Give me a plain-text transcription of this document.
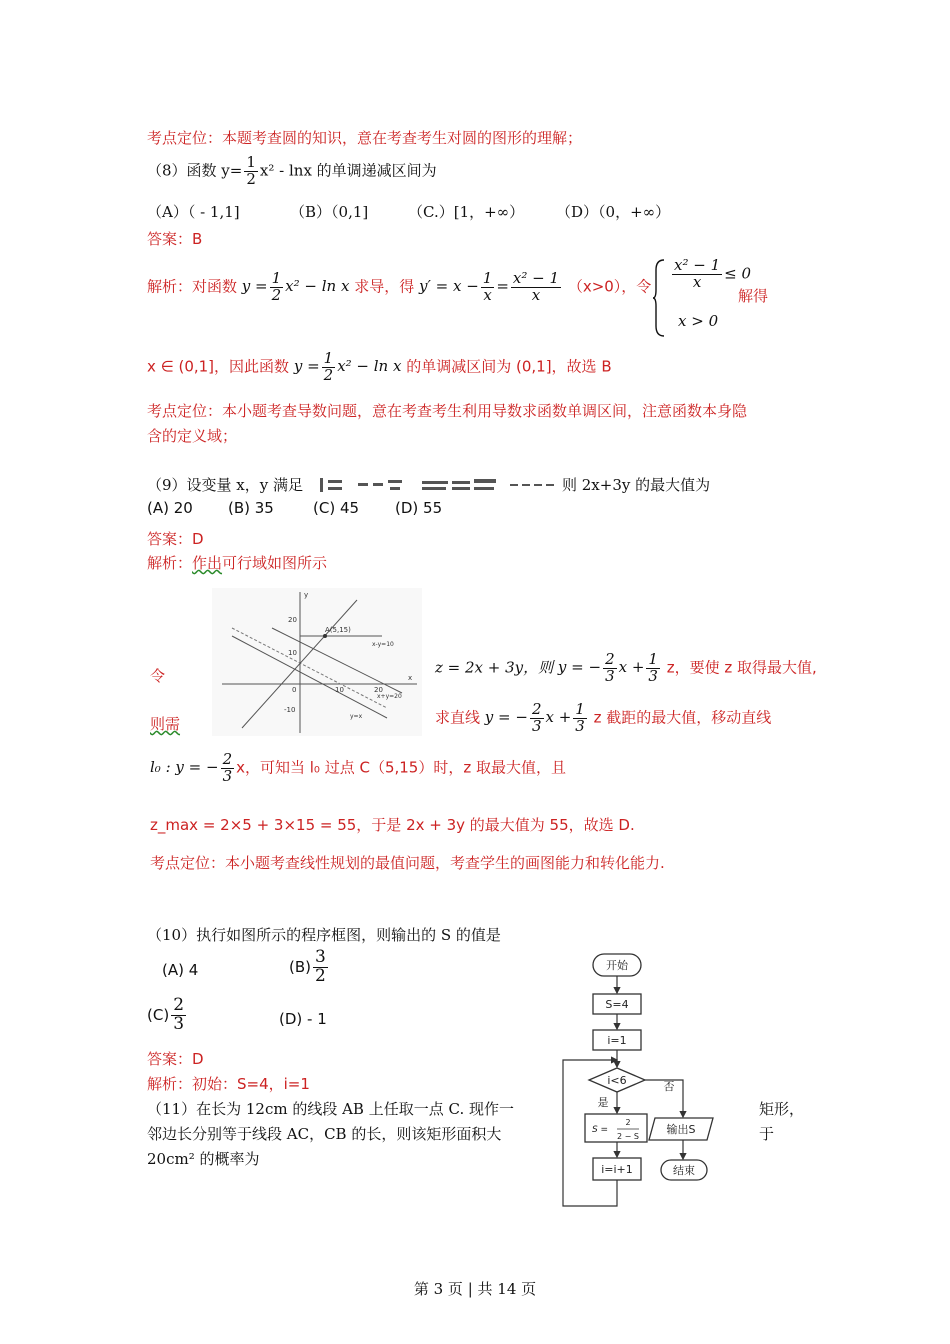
考点定位：本题考查圆的知识，意在考查考生对圆的图形的理解；
（8）函数 $y= \frac{1}{2} x^2 - \ln x$ 的单调递减区间为
（A）（ - 1,1]	（B）（0,1]	（C.）[1，+∞） （D）（0，+∞）
答案：B
解析：对函数 $y = \frac{1}{2} x^2 - \ln x$ 求导，得 $y' = x - \frac{1}{x} = \frac{\text{x² − 1}}{x} (x>0)$，令 $\frac{\text{x² − 1}}{x} \le 0$
x > 0
解得
x ∈ (0,1]，因此函数 $y = \frac{1}{2} x^2 - \ln x$ 的单调减区间为 (0,1]，故选 B
考点定位：本小题考查导数问题，意在考查考生利用导数求函数单调区间，注意函数本身隐
含的定义域；
（9）设变量 x，y 满足	则 2x+3y 的最大值为
(A) 20 (B) 35	(C) 45 (D) 55
答案：D
解析：作出可行域如图所示
y
20
10
0
-10
10	20
x
A(5,15)
x-y=10
x+y=20
y=x
令
则需
z = 2x + 3y，则 y = − $\frac{2}{3}$ $x + \frac{1}{3}$ z，要使 z 取得最大值,
求直线 y = − $\frac{2}{3}$ $x + \frac{1}{3}$ z 截距的最大值，移动直线
l₀ : y = − $\frac{2}{3}$ x，可知当 l₀ 过点 C（5,15）时，z 取最大值，且
z_max = 2×5 + 3×15 = 55，于是 2x + 3y 的最大值为 55，故选 D.
考点定位：本小题考查线性规划的最值问题，考查学生的画图能力和转化能力.
（10）执行如图所示的程序框图，则输出的 S 的值是
(A) 4	$(B) \frac{3}{2}$
$(C) \frac{2}{3}$	(D) - 1
答案：D
解析：初始：S=4，i=1
开始
S=4
i=1
i<6	否
是
S =
2
2 − S
输出S
i=i+1	结束
（11）在长为 12cm 的线段 AB 上任取一点 C. 现作一	矩形，
邻边长分别等于线段 AC，CB 的长，则该矩形面积大	于
20cm² 的概率为
第 3 页 | 共 14 页
